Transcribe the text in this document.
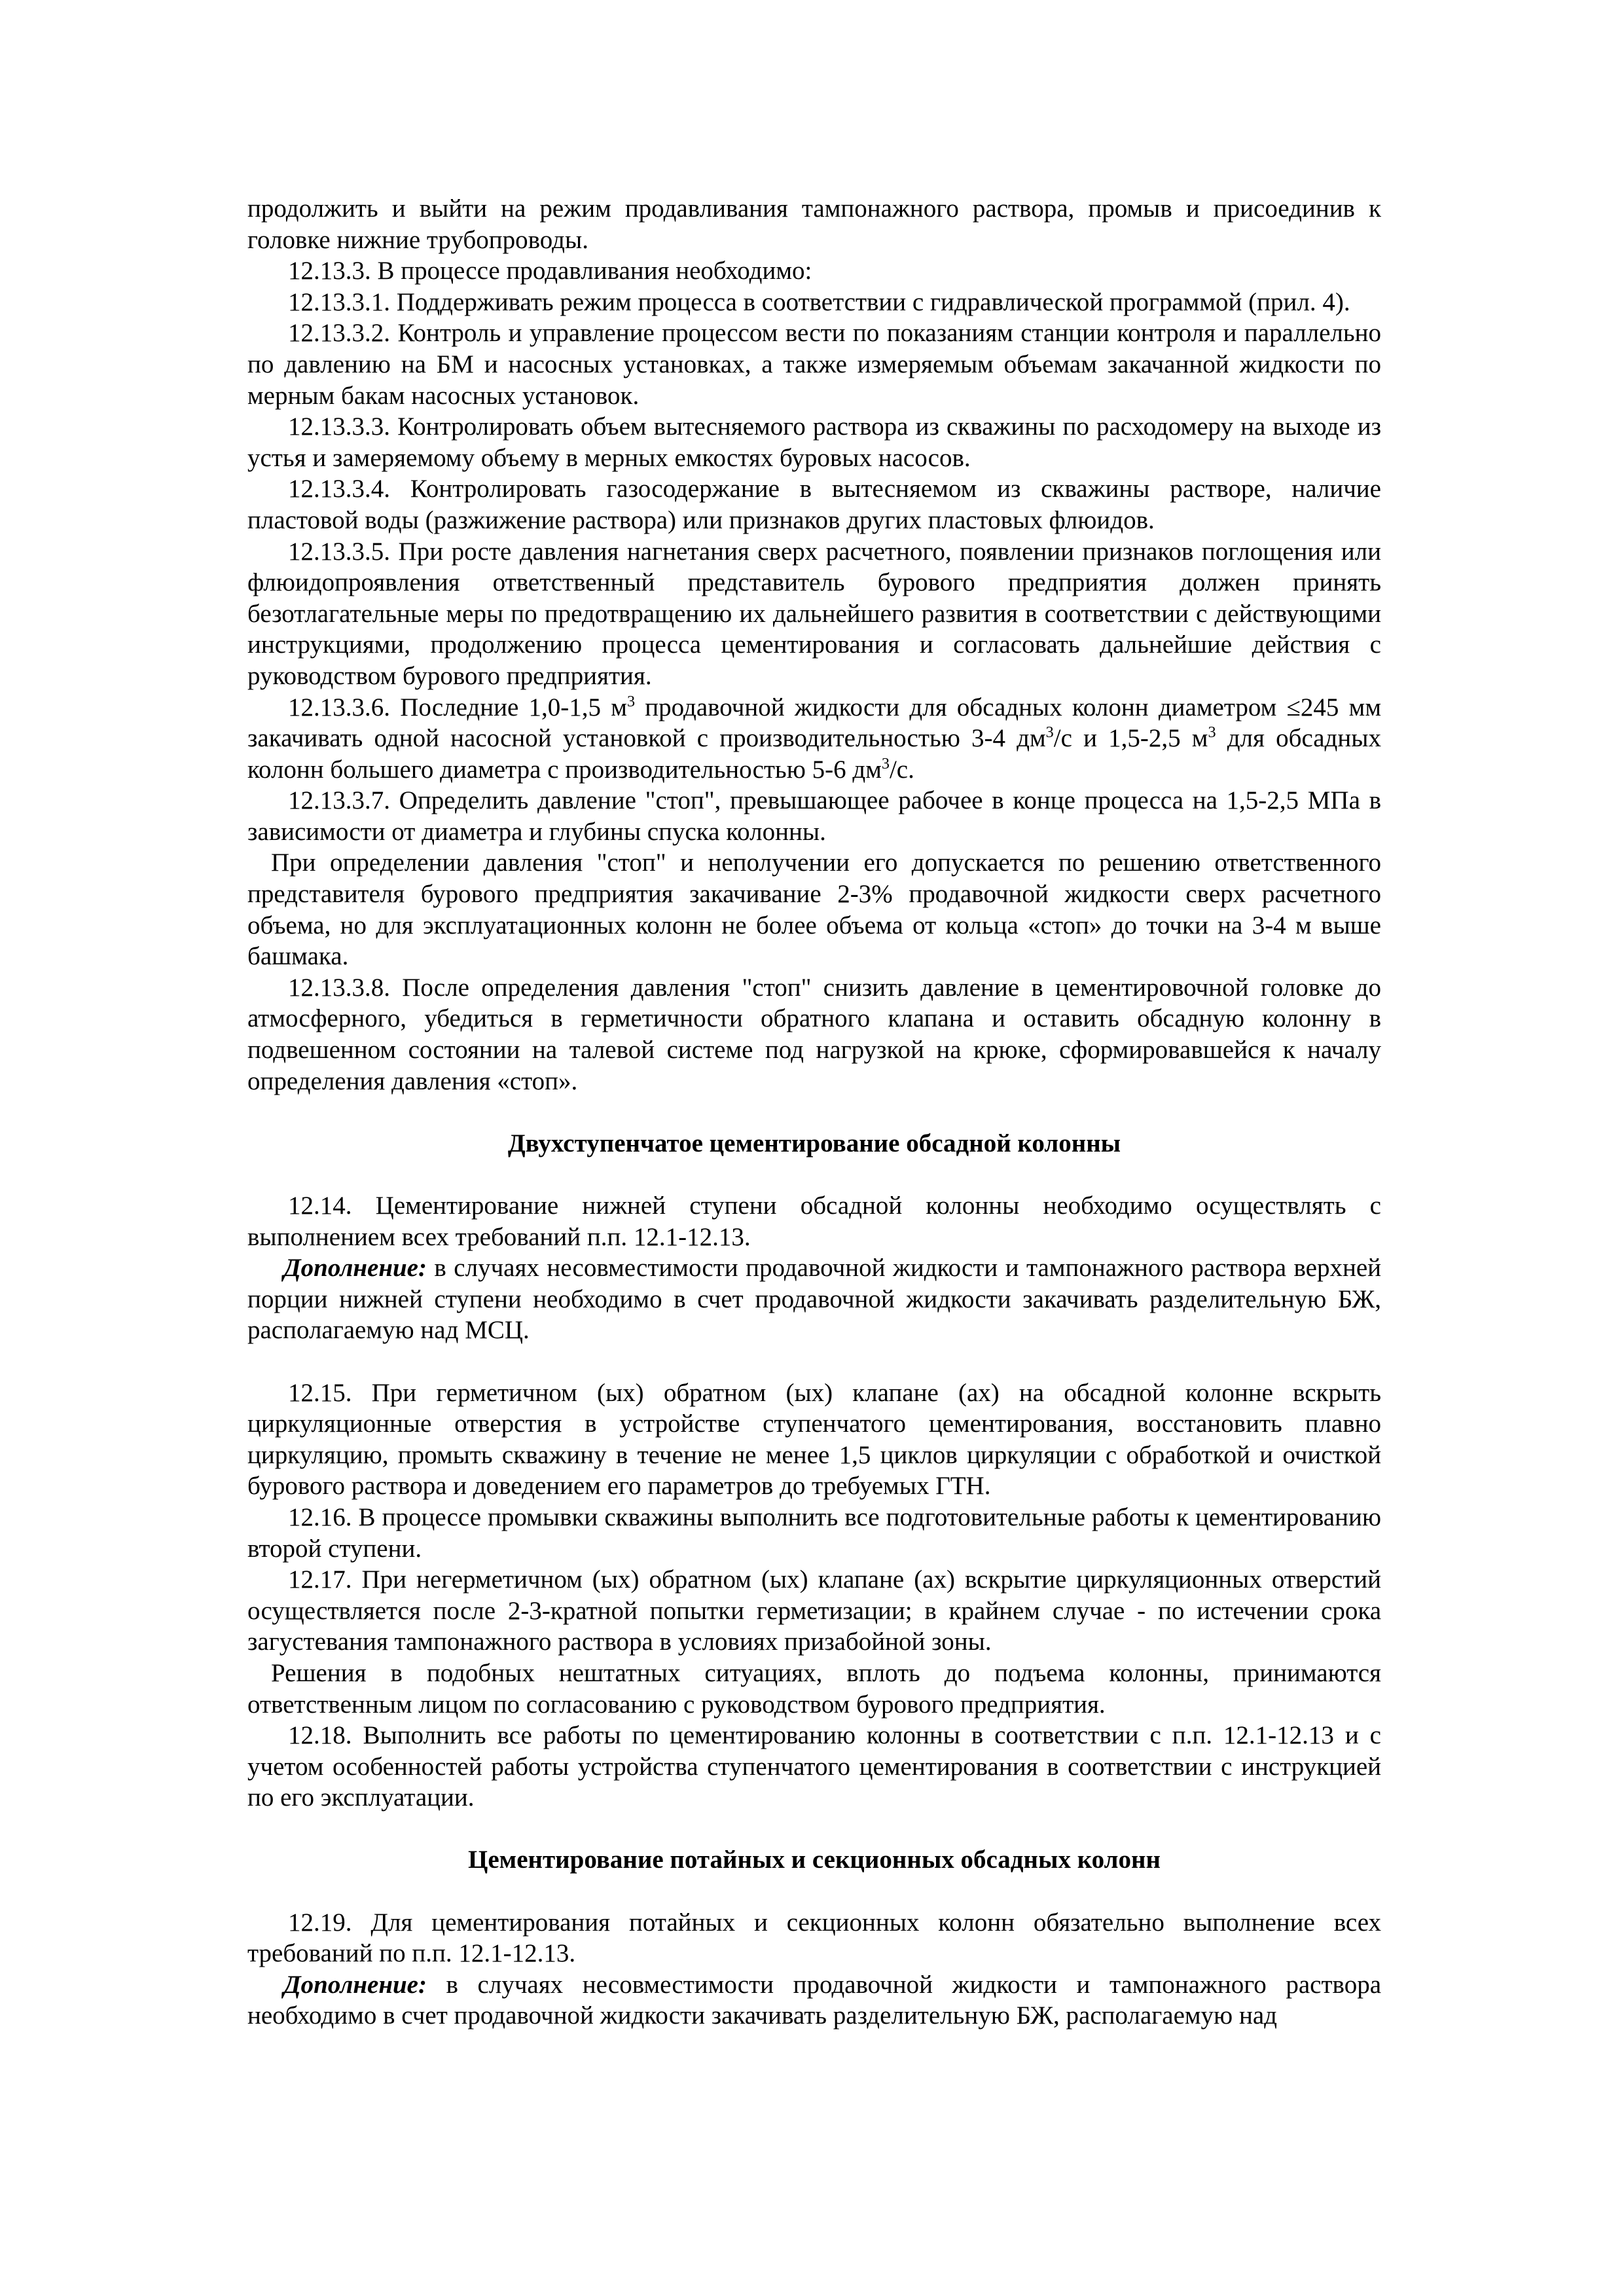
продолжить и выйти на режим продавливания тампонажного раствора, промыв и присоединив к головке нижние трубопроводы.

12.13.3. В процессе продавливания необходимо:

12.13.3.1. Поддерживать режим процесса в соответствии с гидравлической программой (прил. 4).

12.13.3.2. Контроль и управление процессом вести по показаниям станции контроля и параллельно по давлению на БМ и насосных установках, а также измеряемым объемам закачанной жидкости по мерным бакам насосных установок.

12.13.3.3. Контролировать объем вытесняемого раствора из скважины по расходомеру на выходе из устья и замеряемому объему в мерных емкостях буровых насосов.

12.13.3.4. Контролировать газосодержание в вытесняемом из скважины растворе, наличие пластовой воды (разжижение раствора) или признаков других пластовых флюидов.

12.13.3.5. При росте давления нагнетания сверх расчетного, появлении признаков поглощения или флюидопроявления ответственный представитель бурового предприятия должен принять безотлагательные меры по предотвращению их дальнейшего развития в соответствии с действующими инструкциями, продолжению процесса цементирования и согласовать дальнейшие действия с руководством бурового предприятия.

12.13.3.6. Последние 1,0-1,5 $м^3$ продавочной жидкости для обсадных колонн диаметром ≤245 мм закачивать одной насосной установкой с производительностью 3-4 $дм^3/с$ и 1,5-2,5 $м^3$ для обсадных колонн большего диаметра с производительностью 5-6 $дм^3/с$.

12.13.3.7. Определить давление "стоп", превышающее рабочее в конце процесса на 1,5-2,5 МПа в зависимости от диаметра и глубины спуска колонны.

При определении давления "стоп" и неполучении его допускается по решению ответственного представителя бурового предприятия закачивание 2-3% продавочной жидкости сверх расчетного объема, но для эксплуатационных колонн не более объема от кольца «стоп» до точки на 3-4 м выше башмака.

12.13.3.8. После определения давления "стоп" снизить давление в цементировочной головке до атмосферного, убедиться в герметичности обратного клапана и оставить обсадную колонну в подвешенном состоянии на талевой системе под нагрузкой на крюке, сформировавшейся к началу определения давления «стоп».

Двухступенчатое цементирование обсадной колонны

12.14. Цементирование нижней ступени обсадной колонны необходимо осуществлять с выполнением всех требований п.п. 12.1-12.13.

Дополнение: в случаях несовместимости продавочной жидкости и тампонажного раствора верхней порции нижней ступени необходимо в счет продавочной жидкости закачивать разделительную БЖ, располагаемую над МСЦ.

12.15. При герметичном (ых) обратном (ых) клапане (ах) на обсадной колонне вскрыть циркуляционные отверстия в устройстве ступенчатого цементирования, восстановить плавно циркуляцию, промыть скважину в течение не менее 1,5 циклов циркуляции с обработкой и очисткой бурового раствора и доведением его параметров до требуемых ГТН.

12.16. В процессе промывки скважины выполнить все подготовительные работы к цементированию второй ступени.

12.17. При негерметичном (ых) обратном (ых) клапане (ах) вскрытие циркуляционных отверстий осуществляется после 2-3-кратной попытки герметизации; в крайнем случае - по истечении срока загустевания тампонажного раствора в условиях призабойной зоны.

Решения в подобных нештатных ситуациях, вплоть до подъема колонны, принимаются ответственным лицом по согласованию с руководством бурового предприятия.

12.18. Выполнить все работы по цементированию колонны в соответствии с п.п. 12.1-12.13 и с учетом особенностей работы устройства ступенчатого цементирования в соответствии с инструкцией по его эксплуатации.

Цементирование потайных и секционных обсадных колонн

12.19. Для цементирования потайных и секционных колонн обязательно выполнение всех требований по п.п. 12.1-12.13.

Дополнение: в случаях несовместимости продавочной жидкости и тампонажного раствора необходимо в счет продавочной жидкости закачивать разделительную БЖ, располагаемую над
